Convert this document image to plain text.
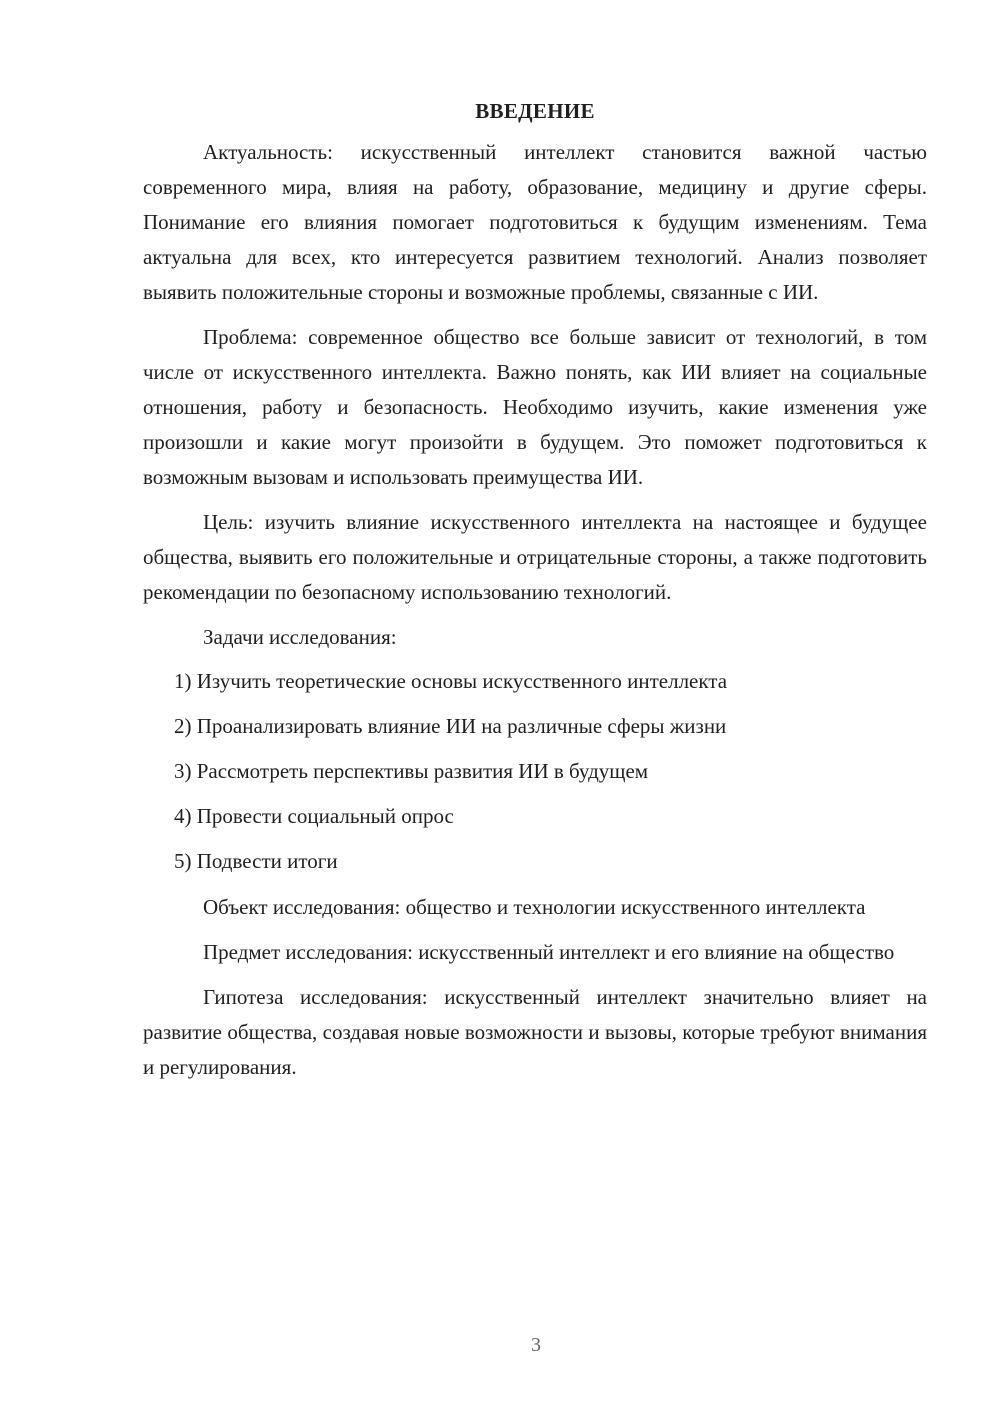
ВВЕДЕНИЕ

Актуальность: искусственный интеллект становится важной частью современного мира, влияя на работу, образование, медицину и другие сферы. Понимание его влияния помогает подготовиться к будущим изменениям. Тема актуальна для всех, кто интересуется развитием технологий. Анализ позволяет выявить положительные стороны и возможные проблемы, связанные с ИИ.

Проблема: современное общество все больше зависит от технологий, в том числе от искусственного интеллекта. Важно понять, как ИИ влияет на социальные отношения, работу и безопасность. Необходимо изучить, какие изменения уже произошли и какие могут произойти в будущем. Это поможет подготовиться к возможным вызовам и использовать преимущества ИИ.

Цель: изучить влияние искусственного интеллекта на настоящее и будущее общества, выявить его положительные и отрицательные стороны, а также подготовить рекомендации по безопасному использованию технологий.

Задачи исследования:

1) Изучить теоретические основы искусственного интеллекта
2) Проанализировать влияние ИИ на различные сферы жизни
3) Рассмотреть перспективы развития ИИ в будущем
4) Провести социальный опрос
5) Подвести итоги

Объект исследования: общество и технологии искусственного интеллекта

Предмет исследования: искусственный интеллект и его влияние на общество

Гипотеза исследования: искусственный интеллект значительно влияет на развитие общества, создавая новые возможности и вызовы, которые требуют внимания и регулирования.

3
